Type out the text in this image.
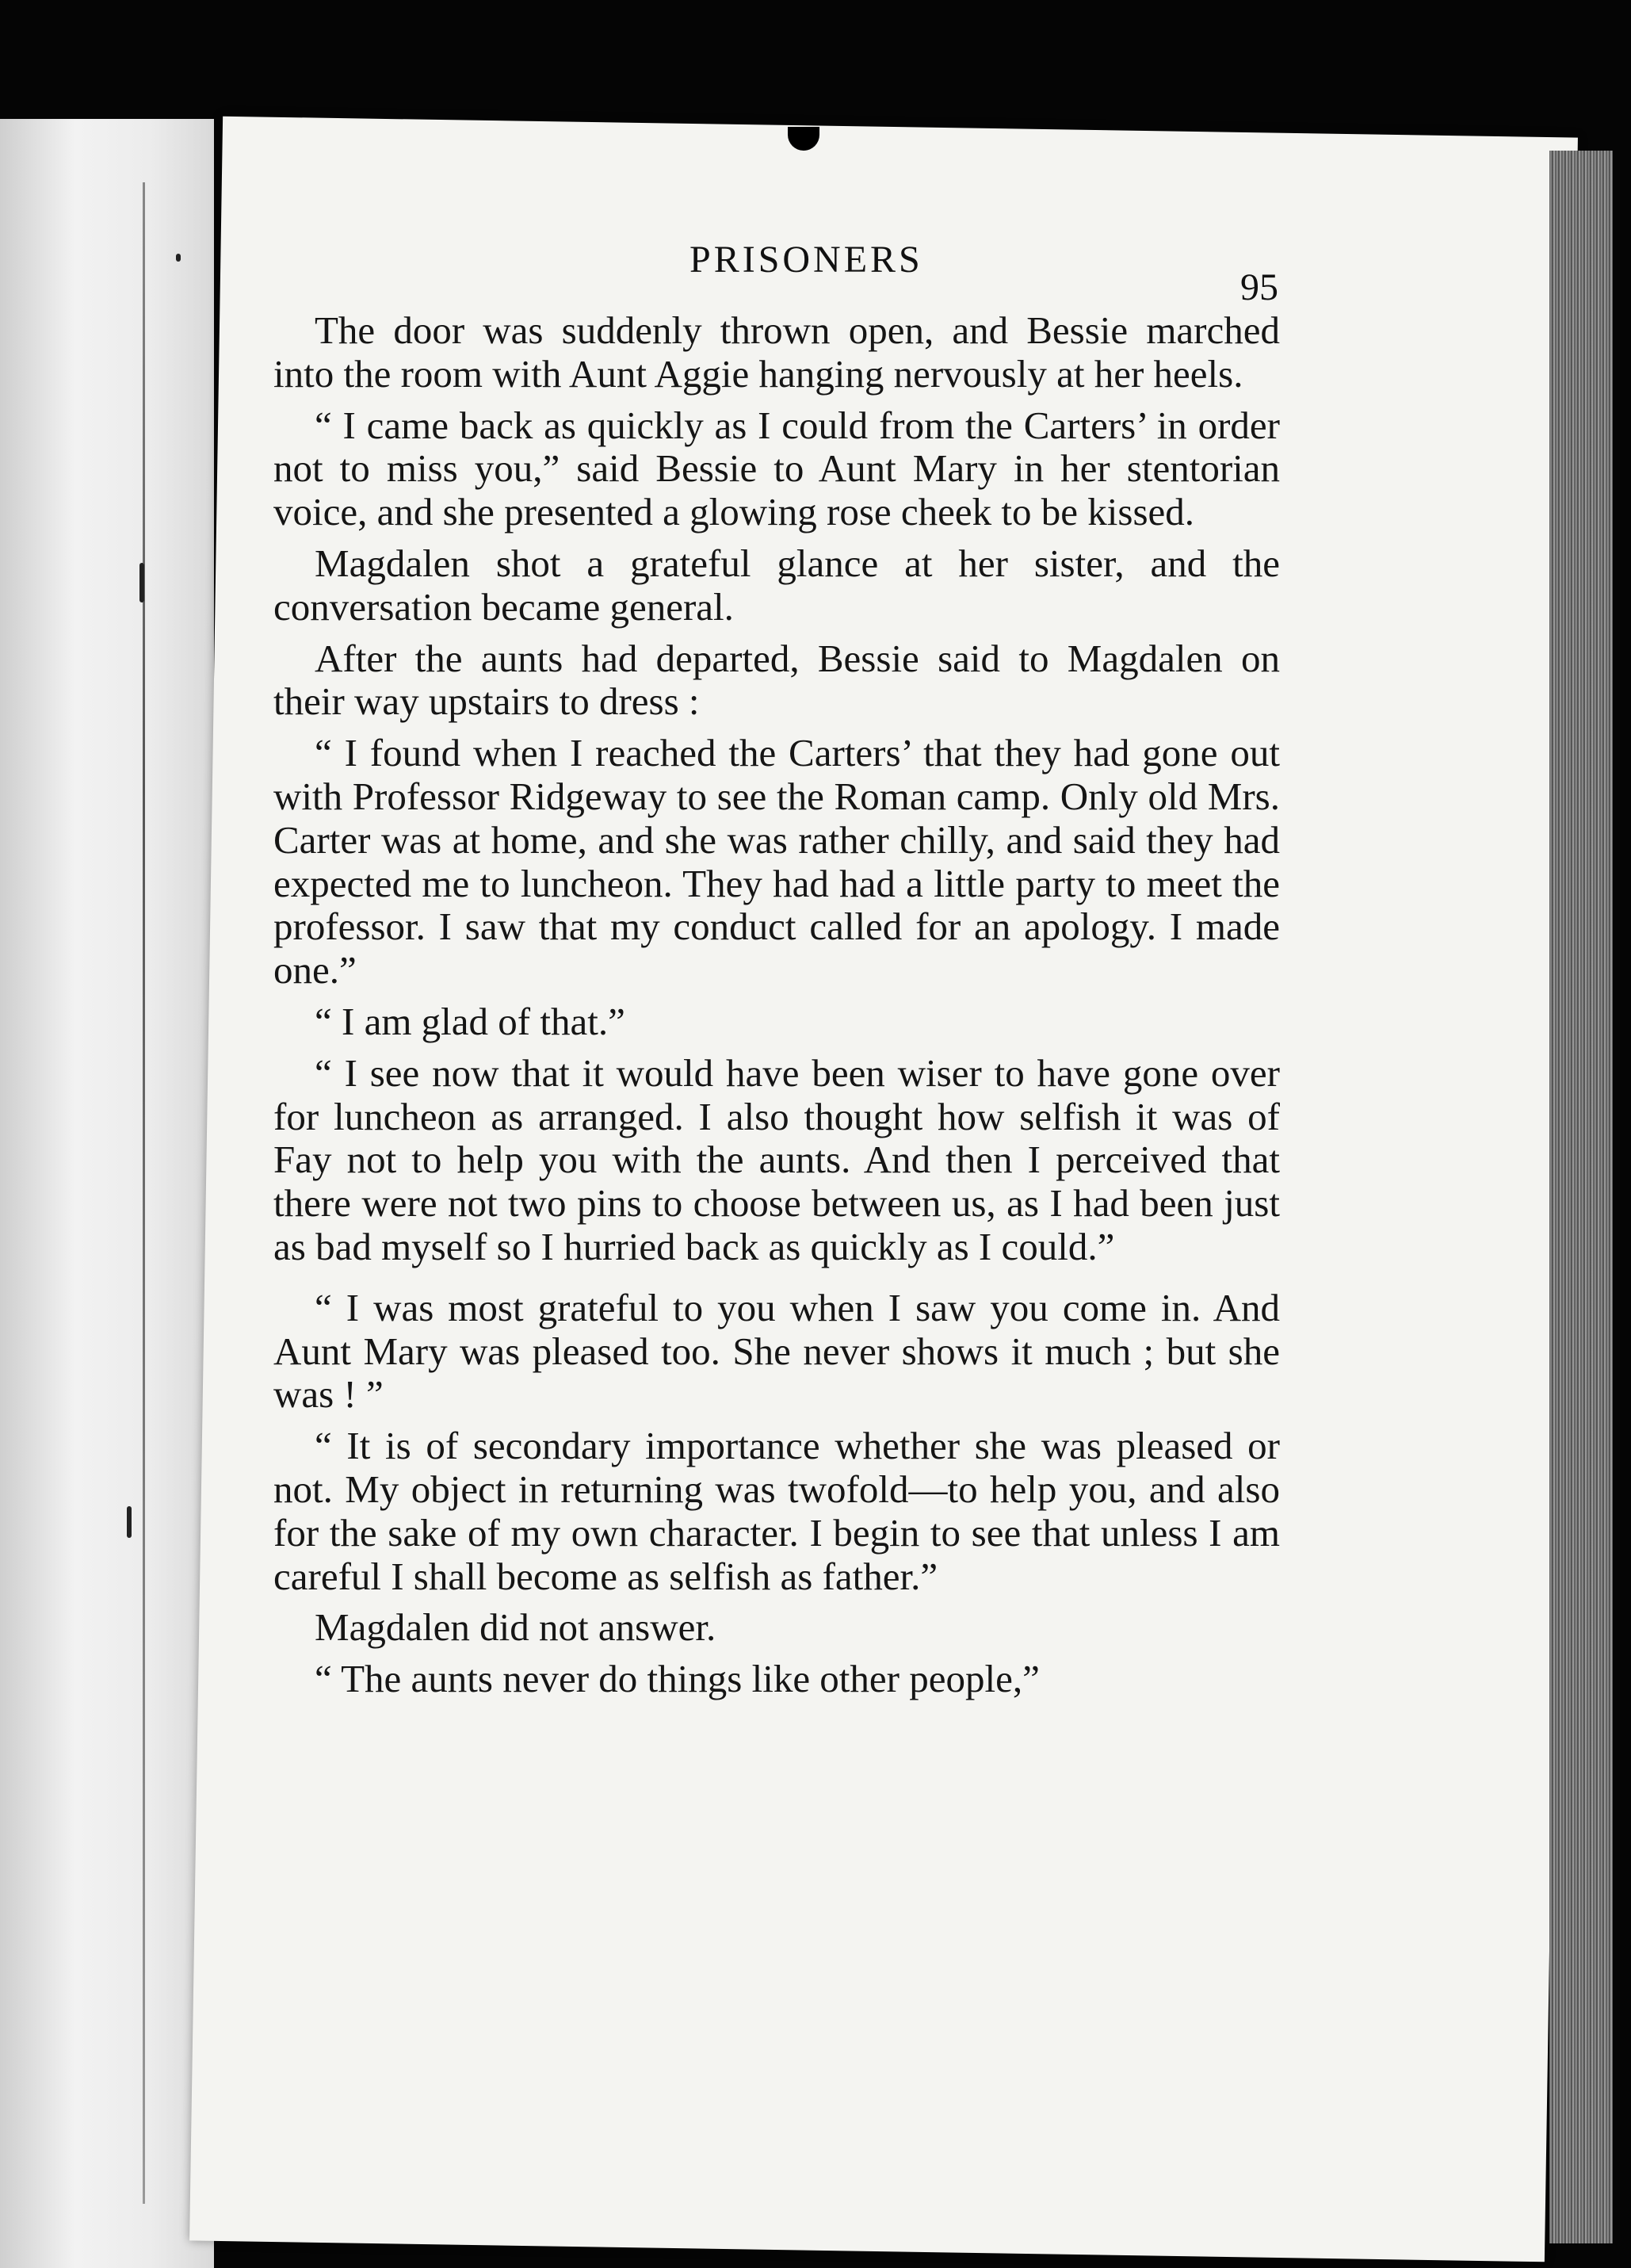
PRISONERS
95

The door was suddenly thrown open, and Bessie marched into the room with Aunt Aggie hanging nervously at her heels.

“ I came back as quickly as I could from the Carters’ in order not to miss you,” said Bessie to Aunt Mary in her stentorian voice, and she presented a glowing rose cheek to be kissed.

Magdalen shot a grateful glance at her sister, and the conversation became general.

After the aunts had departed, Bessie said to Magdalen on their way upstairs to dress :

“ I found when I reached the Carters’ that they had gone out with Professor Ridgeway to see the Roman camp. Only old Mrs. Carter was at home, and she was rather chilly, and said they had expected me to luncheon. They had had a little party to meet the professor. I saw that my conduct called for an apology. I made one.”

“ I am glad of that.”

“ I see now that it would have been wiser to have gone over for luncheon as arranged. I also thought how selfish it was of Fay not to help you with the aunts. And then I perceived that there were not two pins to choose between us, as I had been just as bad myself so I hurried back as quickly as I could.”

“ I was most grateful to you when I saw you come in. And Aunt Mary was pleased too. She never shows it much ; but she was ! ”

“ It is of secondary importance whether she was pleased or not. My object in returning was twofold—to help you, and also for the sake of my own character. I begin to see that unless I am careful I shall become as selfish as father.”

Magdalen did not answer.

“ The aunts never do things like other people,”
